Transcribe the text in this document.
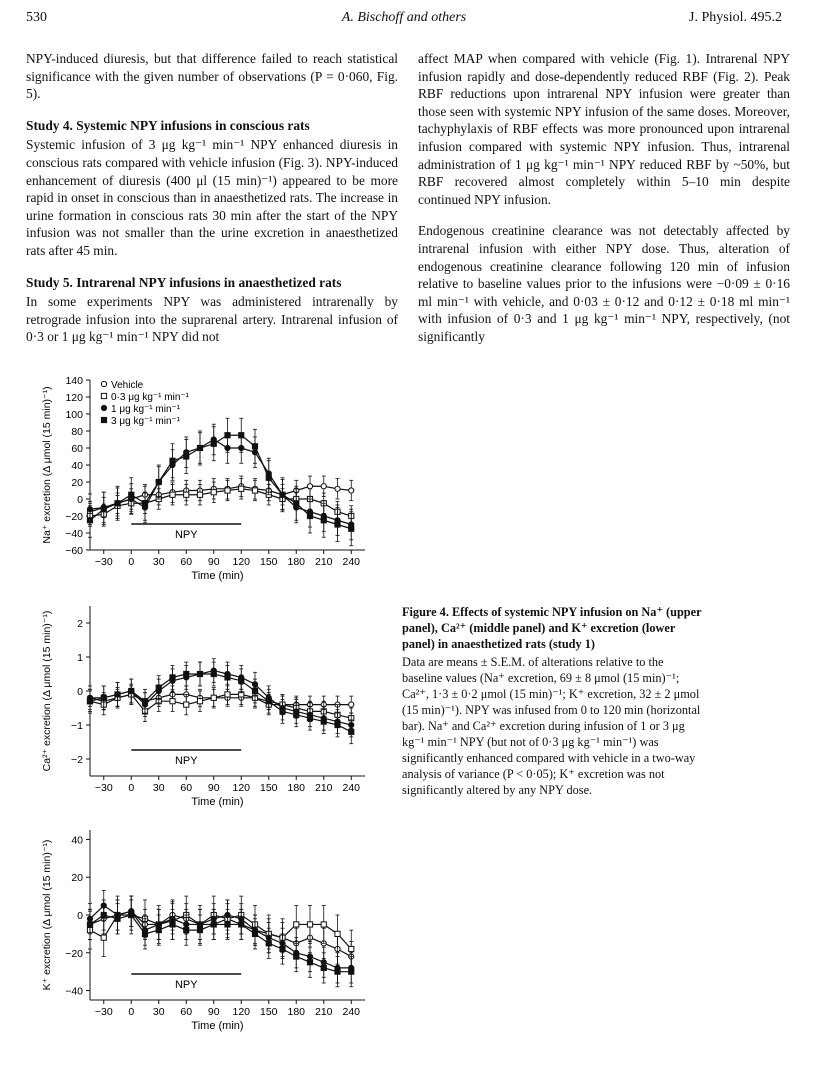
530	A. Bischoff and others	J. Physiol. 495.2

NPY-induced diuresis, but that difference failed to reach statistical significance with the given number of observations (P = 0·060, Fig. 5).

Study 4. Systemic NPY infusions in conscious rats

Systemic infusion of 3 μg kg⁻¹ min⁻¹ NPY enhanced diuresis in conscious rats compared with vehicle infusion (Fig. 3). NPY-induced enhancement of diuresis (400 μl (15 min)⁻¹) appeared to be more rapid in onset in conscious than in anaesthetized rats. The increase in urine formation in conscious rats 30 min after the start of the NPY infusion was not smaller than the urine excretion in anaesthetized rats after 45 min.

Study 5. Intrarenal NPY infusions in anaesthetized rats

In some experiments NPY was administered intrarenally by retrograde infusion into the suprarenal artery. Intrarenal infusion of 0·3 or 1 μg kg⁻¹ min⁻¹ NPY did not

affect MAP when compared with vehicle (Fig. 1). Intrarenal NPY infusion rapidly and dose-dependently reduced RBF (Fig. 2). Peak RBF reductions upon intrarenal NPY infusion were greater than those seen with systemic NPY infusion of the same doses. Moreover, tachyphylaxis of RBF effects was more pronounced upon intrarenal infusion compared with systemic NPY infusion. Thus, intrarenal administration of 1 μg kg⁻¹ min⁻¹ NPY reduced RBF by ~50%, but RBF recovered almost completely within 5–10 min despite continued NPY infusion.

Endogenous creatinine clearance was not detectably affected by intrarenal infusion with either NPY dose. Thus, alteration of endogenous creatinine clearance following 120 min of infusion relative to baseline values prior to the infusions were −0·09 ± 0·16 ml min⁻¹ with vehicle, and 0·03 ± 0·12 and 0·12 ± 0·18 ml min⁻¹ with infusion of 0·3 and 1 μg kg⁻¹ min⁻¹ NPY, respectively, (not significantly

−60
−40
−20
0
20
40
60
80
100
120
140
−30 0 30 60 90 120 150 180 210 240
Time (min)
Na⁺ excretion (Δ μmol (15 min)⁻¹)	NPY
Vehicle
0·3 μg kg⁻¹ min⁻¹
1 μg kg⁻¹ min⁻¹
3 μg kg⁻¹ min⁻¹
−2
−1
0
1
2
−30 0 30 60 90 120 150 180 210 240
Time (min)
Ca²⁺ excretion (Δ μmol (15 min)⁻¹)	NPY
−40
−20
0
20
40
−30 0 30 60 90 120 150 180 210 240
Time (min)
K⁺ excretion (Δ μmol (15 min)⁻¹)	NPY
Figure 4. Effects of systemic NPY infusion on Na⁺ (upper panel), Ca²⁺ (middle panel) and K⁺ excretion (lower panel) in anaesthetized rats (study 1)
Data are means ± S.E.M. of alterations relative to the baseline values (Na⁺ excretion, 69 ± 8 μmol (15 min)⁻¹; Ca²⁺, 1·3 ± 0·2 μmol (15 min)⁻¹; K⁺ excretion, 32 ± 2 μmol (15 min)⁻¹). NPY was infused from 0 to 120 min (horizontal bar). Na⁺ and Ca²⁺ excretion during infusion of 1 or 3 μg kg⁻¹ min⁻¹ NPY (but not of 0·3 μg kg⁻¹ min⁻¹) was significantly enhanced compared with vehicle in a two-way analysis of variance (P < 0·05); K⁺ excretion was not significantly altered by any NPY dose.
